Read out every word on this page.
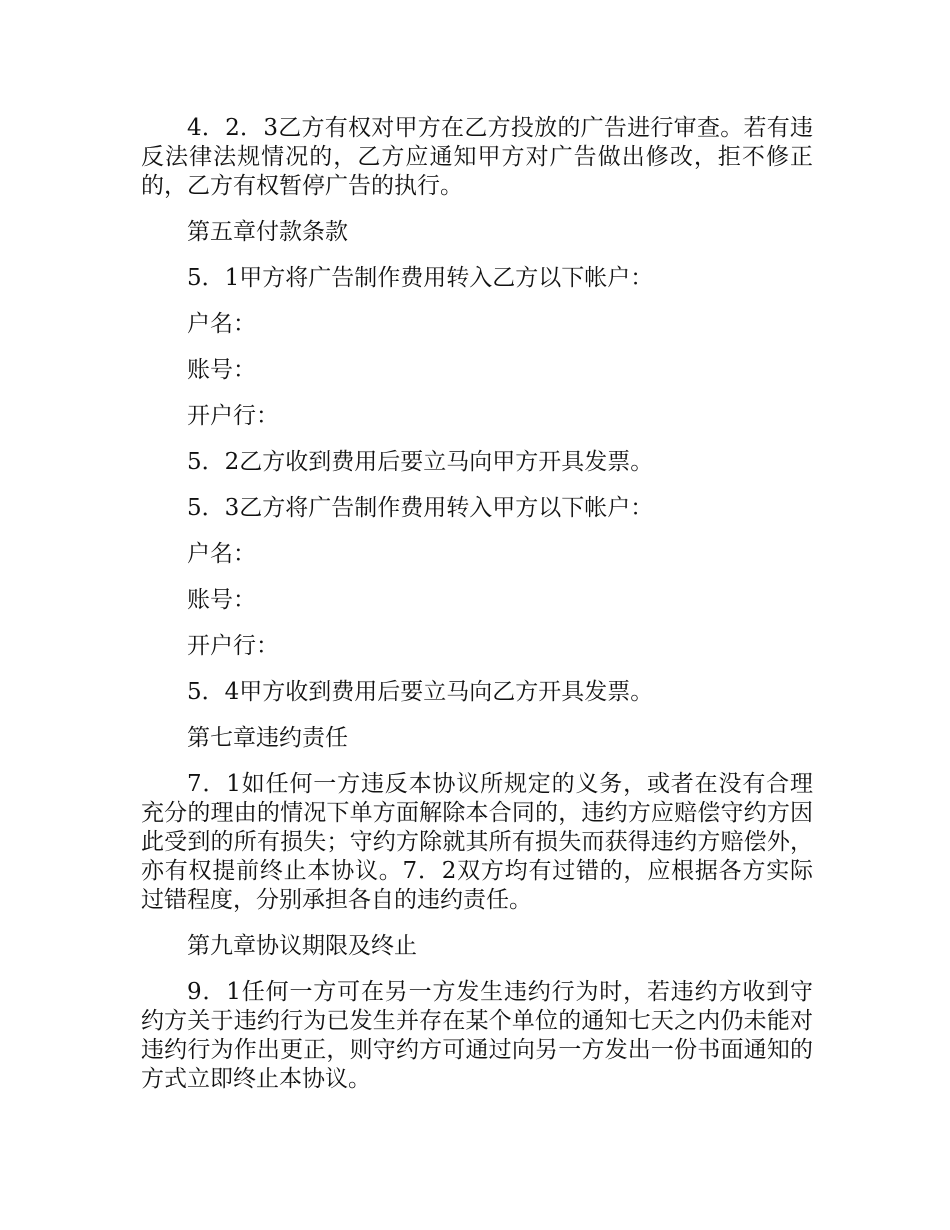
4．2．3乙方有权对甲方在乙方投放的广告进行审查。若有违反法律法规情况的，乙方应通知甲方对广告做出修改，拒不修正的，乙方有权暂停广告的执行。

第五章付款条款

5．1甲方将广告制作费用转入乙方以下帐户：

户名：

账号：

开户行：

5．2乙方收到费用后要立马向甲方开具发票。

5．3乙方将广告制作费用转入甲方以下帐户：

户名：

账号：

开户行：

5．4甲方收到费用后要立马向乙方开具发票。

第七章违约责任

7．1如任何一方违反本协议所规定的义务，或者在没有合理充分的理由的情况下单方面解除本合同的，违约方应赔偿守约方因此受到的所有损失；守约方除就其所有损失而获得违约方赔偿外，亦有权提前终止本协议。7．2双方均有过错的，应根据各方实际过错程度，分别承担各自的违约责任。

第九章协议期限及终止

9．1任何一方可在另一方发生违约行为时，若违约方收到守约方关于违约行为已发生并存在某个单位的通知七天之内仍未能对违约行为作出更正，则守约方可通过向另一方发出一份书面通知的方式立即终止本协议。
